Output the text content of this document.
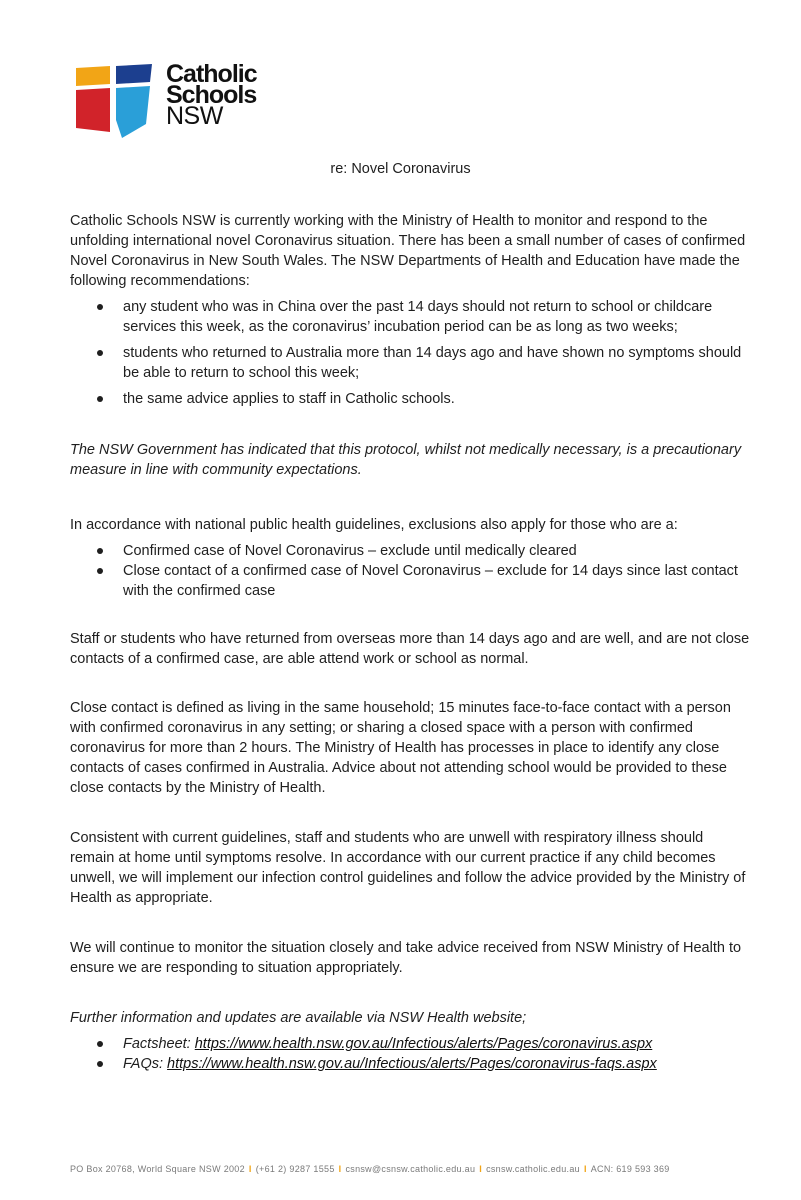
Catholic
Schools
NSW
re: Novel Coronavirus

Catholic Schools NSW is currently working with the Ministry of Health to monitor and respond to the unfolding international novel Coronavirus situation. There has been a small number of cases of confirmed Novel Coronavirus in New South Wales. The NSW Departments of Health and Education have made the following recommendations:

any student who was in China over the past 14 days should not return to school or childcare services this week, as the coronavirus’ incubation period can be as long as two weeks;
students who returned to Australia more than 14 days ago and have shown no symptoms should be able to return to school this week;
the same advice applies to staff in Catholic schools.

The NSW Government has indicated that this protocol, whilst not medically necessary, is a precautionary measure in line with community expectations.

In accordance with national public health guidelines, exclusions also apply for those who are a:

Confirmed case of Novel Coronavirus – exclude until medically cleared
Close contact of a confirmed case of Novel Coronavirus – exclude for 14 days since last contact with the confirmed case

Staff or students who have returned from overseas more than 14 days ago and are well, and are not close contacts of a confirmed case, are able attend work or school as normal.

Close contact is defined as living in the same household; 15 minutes face-to-face contact with a person with confirmed coronavirus in any setting; or sharing a closed space with a person with confirmed coronavirus for more than 2 hours. The Ministry of Health has processes in place to identify any close contacts of cases confirmed in Australia. Advice about not attending school would be provided to these close contacts by the Ministry of Health.

Consistent with current guidelines, staff and students who are unwell with respiratory illness should remain at home until symptoms resolve. In accordance with our current practice if any child becomes unwell, we will implement our infection control guidelines and follow the advice provided by the Ministry of Health as appropriate.

We will continue to monitor the situation closely and take advice received from NSW Ministry of Health to ensure we are responding to situation appropriately.

Further information and updates are available via NSW Health website;

Factsheet: https://www.health.nsw.gov.au/Infectious/alerts/Pages/coronavirus.aspx
FAQs: https://www.health.nsw.gov.au/Infectious/alerts/Pages/coronavirus-faqs.aspx
PO Box 20768, World Square NSW 2002 I (+61 2) 9287 1555 I csnsw@csnsw.catholic.edu.au I csnsw.catholic.edu.au I ACN: 619 593 369
